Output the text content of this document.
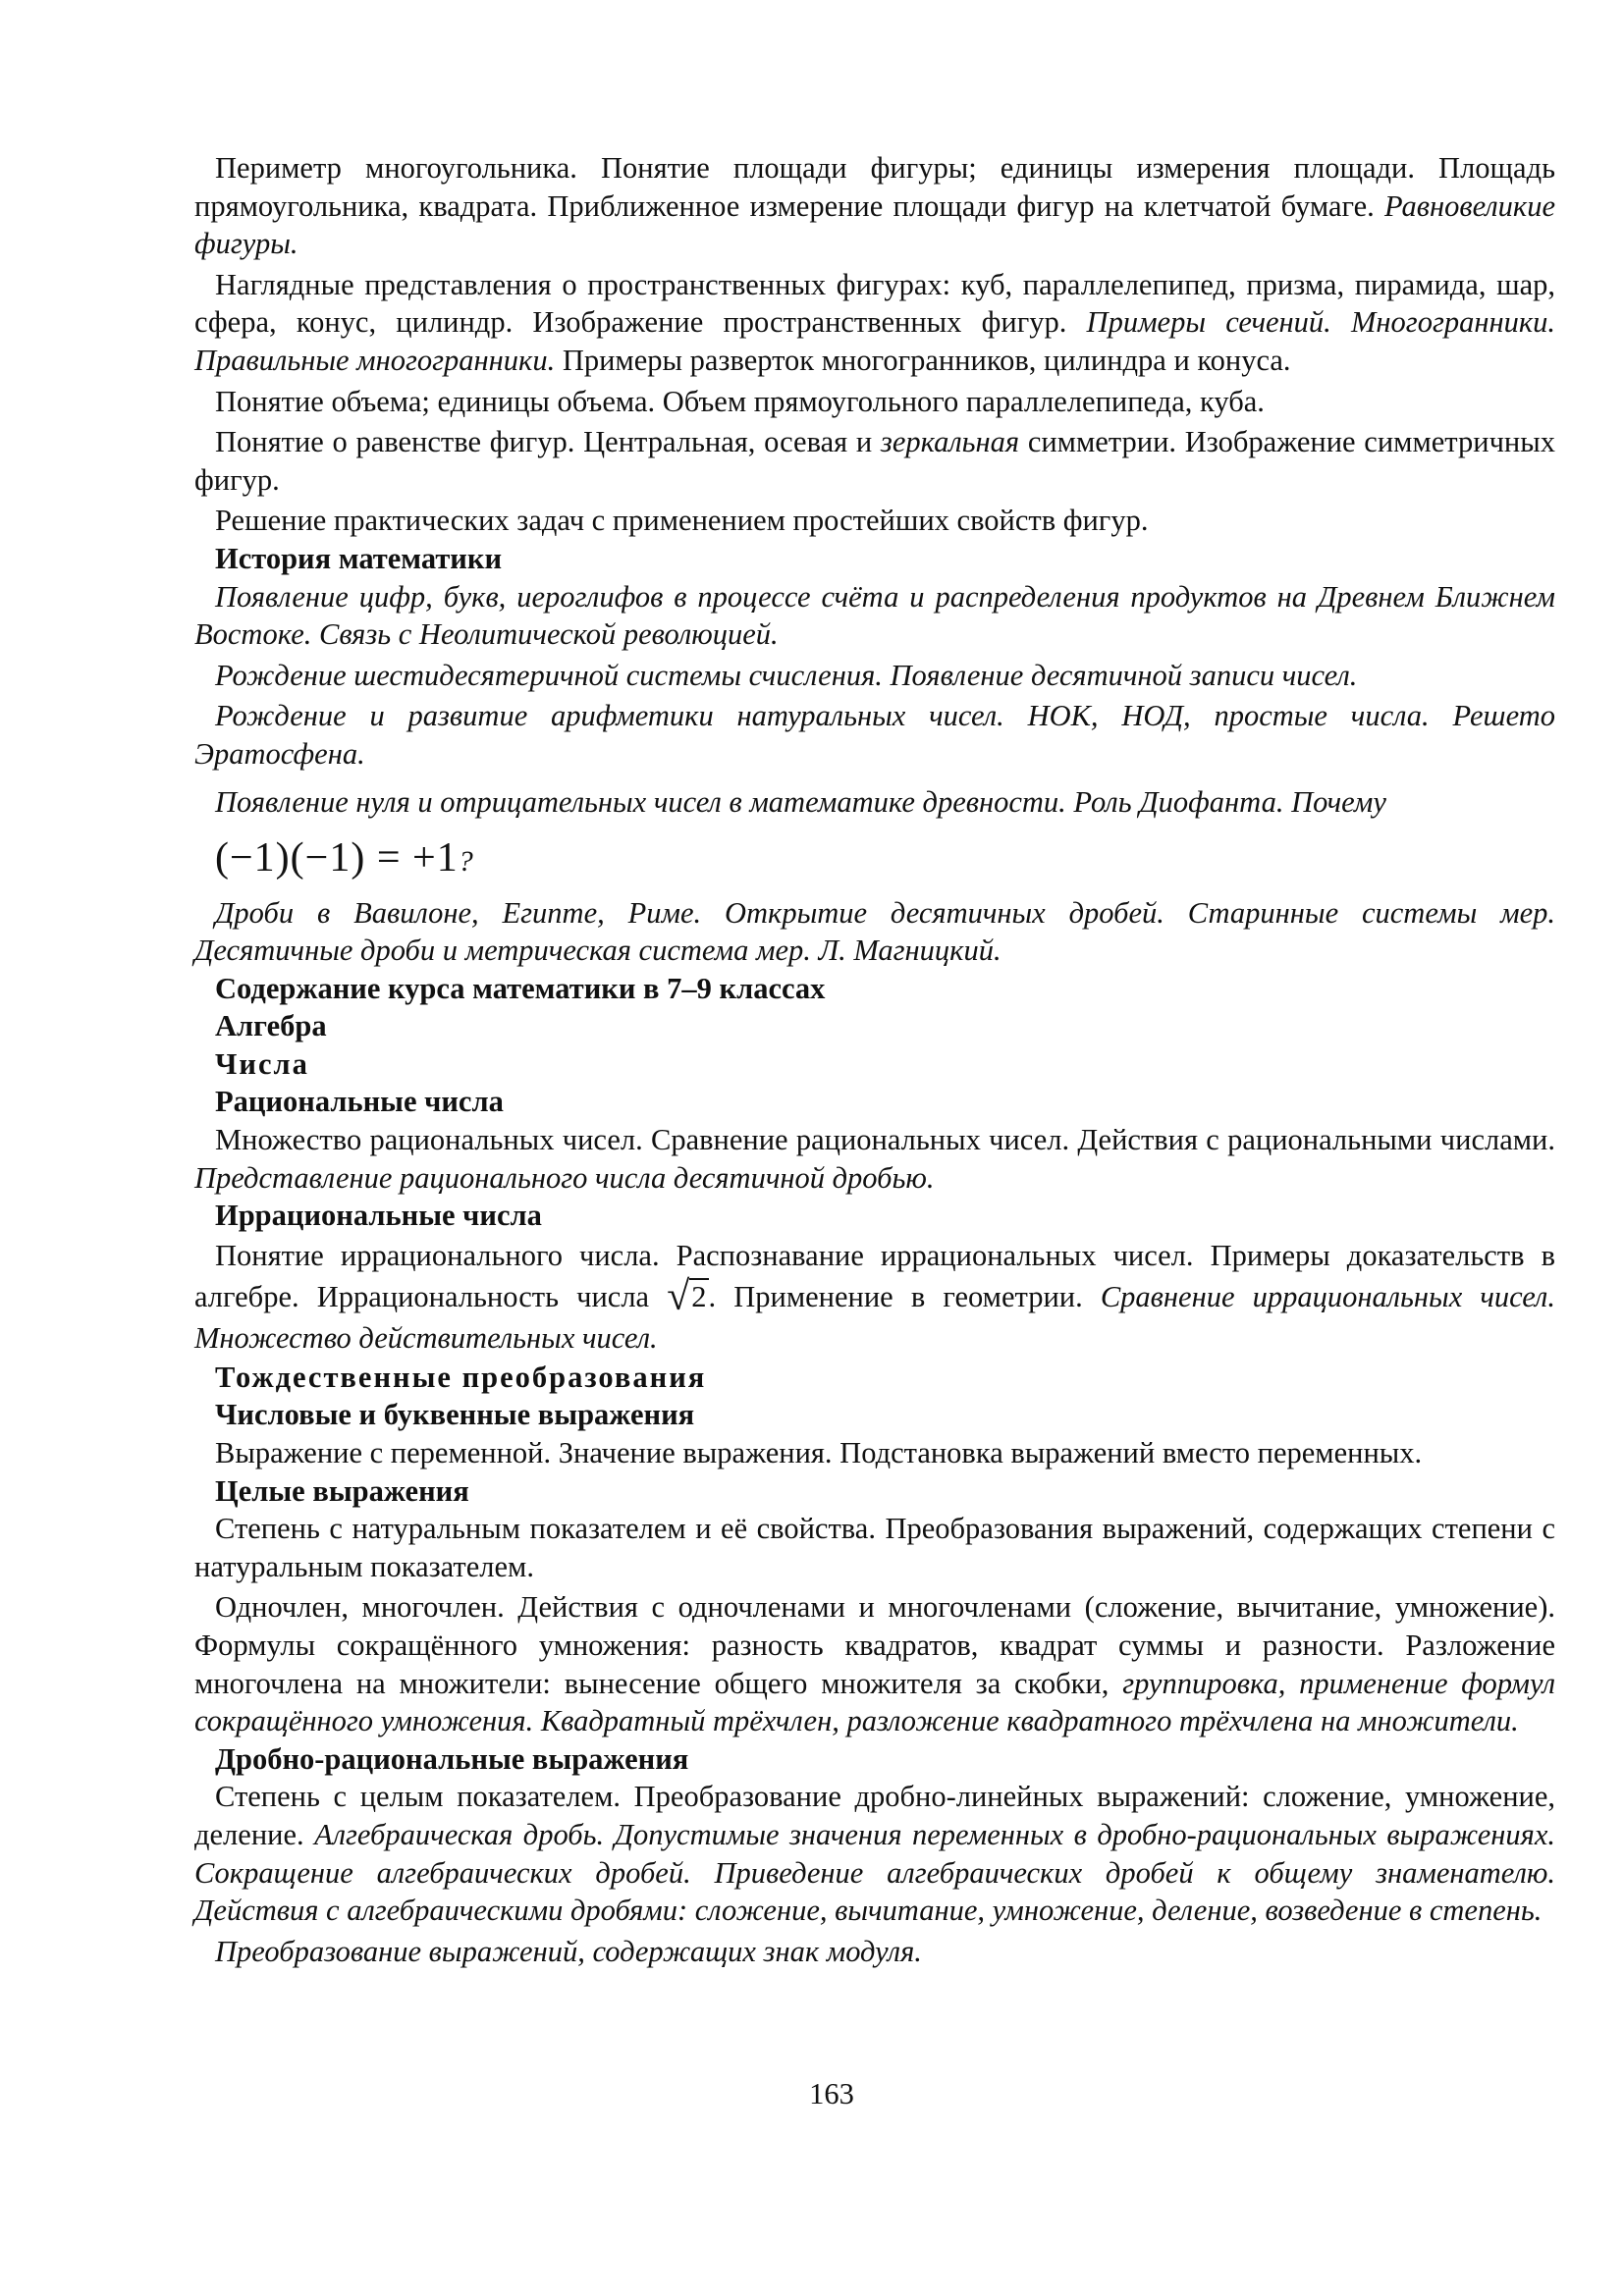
Периметр многоугольника. Понятие площади фигуры; единицы измерения площади. Площадь прямоугольника, квадрата. Приближенное измерение площади фигур на клетчатой бумаге. Равновеликие фигуры.

Наглядные представления о пространственных фигурах: куб, параллелепипед, призма, пирамида, шар, сфера, конус, цилиндр. Изображение пространственных фигур. Примеры сечений. Многогранники. Правильные многогранники. Примеры разверток многогранников, цилиндра и конуса.

Понятие объема; единицы объема. Объем прямоугольного параллелепипеда, куба.

Понятие о равенстве фигур. Центральная, осевая и зеркальная симметрии. Изображение симметричных фигур.

Решение практических задач с применением простейших свойств фигур.

История математики

Появление цифр, букв, иероглифов в процессе счёта и распределения продуктов на Древнем Ближнем Востоке. Связь с Неолитической революцией.

Рождение шестидесятеричной системы счисления. Появление десятичной записи чисел.

Рождение и развитие арифметики натуральных чисел. НОК, НОД, простые числа. Решето Эратосфена.

Появление нуля и отрицательных чисел в математике древности. Роль Диофанта. Почему
(−1)(−1) = +1?

Дроби в Вавилоне, Египте, Риме. Открытие десятичных дробей. Старинные системы мер. Десятичные дроби и метрическая система мер. Л. Магницкий.

Содержание курса математики в 7–9 классах

Алгебра

Числа

Рациональные числа

Множество рациональных чисел. Сравнение рациональных чисел. Действия с рациональными числами. Представление рационального числа десятичной дробью.

Иррациональные числа

Понятие иррационального числа. Распознавание иррациональных чисел. Примеры доказательств в алгебре. Иррациональность числа √2. Применение в геометрии. Сравнение иррациональных чисел. Множество действительных чисел.

Тождественные преобразования

Числовые и буквенные выражения

Выражение с переменной. Значение выражения. Подстановка выражений вместо переменных.

Целые выражения

Степень с натуральным показателем и её свойства. Преобразования выражений, содержащих степени с натуральным показателем.

Одночлен, многочлен. Действия с одночленами и многочленами (сложение, вычитание, умножение). Формулы сокращённого умножения: разность квадратов, квадрат суммы и разности. Разложение многочлена на множители: вынесение общего множителя за скобки, группировка, применение формул сокращённого умножения. Квадратный трёхчлен, разложение квадратного трёхчлена на множители.

Дробно-рациональные выражения

Степень с целым показателем. Преобразование дробно-линейных выражений: сложение, умножение, деление. Алгебраическая дробь. Допустимые значения переменных в дробно-рациональных выражениях. Сокращение алгебраических дробей. Приведение алгебраических дробей к общему знаменателю. Действия с алгебраическими дробями: сложение, вычитание, умножение, деление, возведение в степень.

Преобразование выражений, содержащих знак модуля.

163
